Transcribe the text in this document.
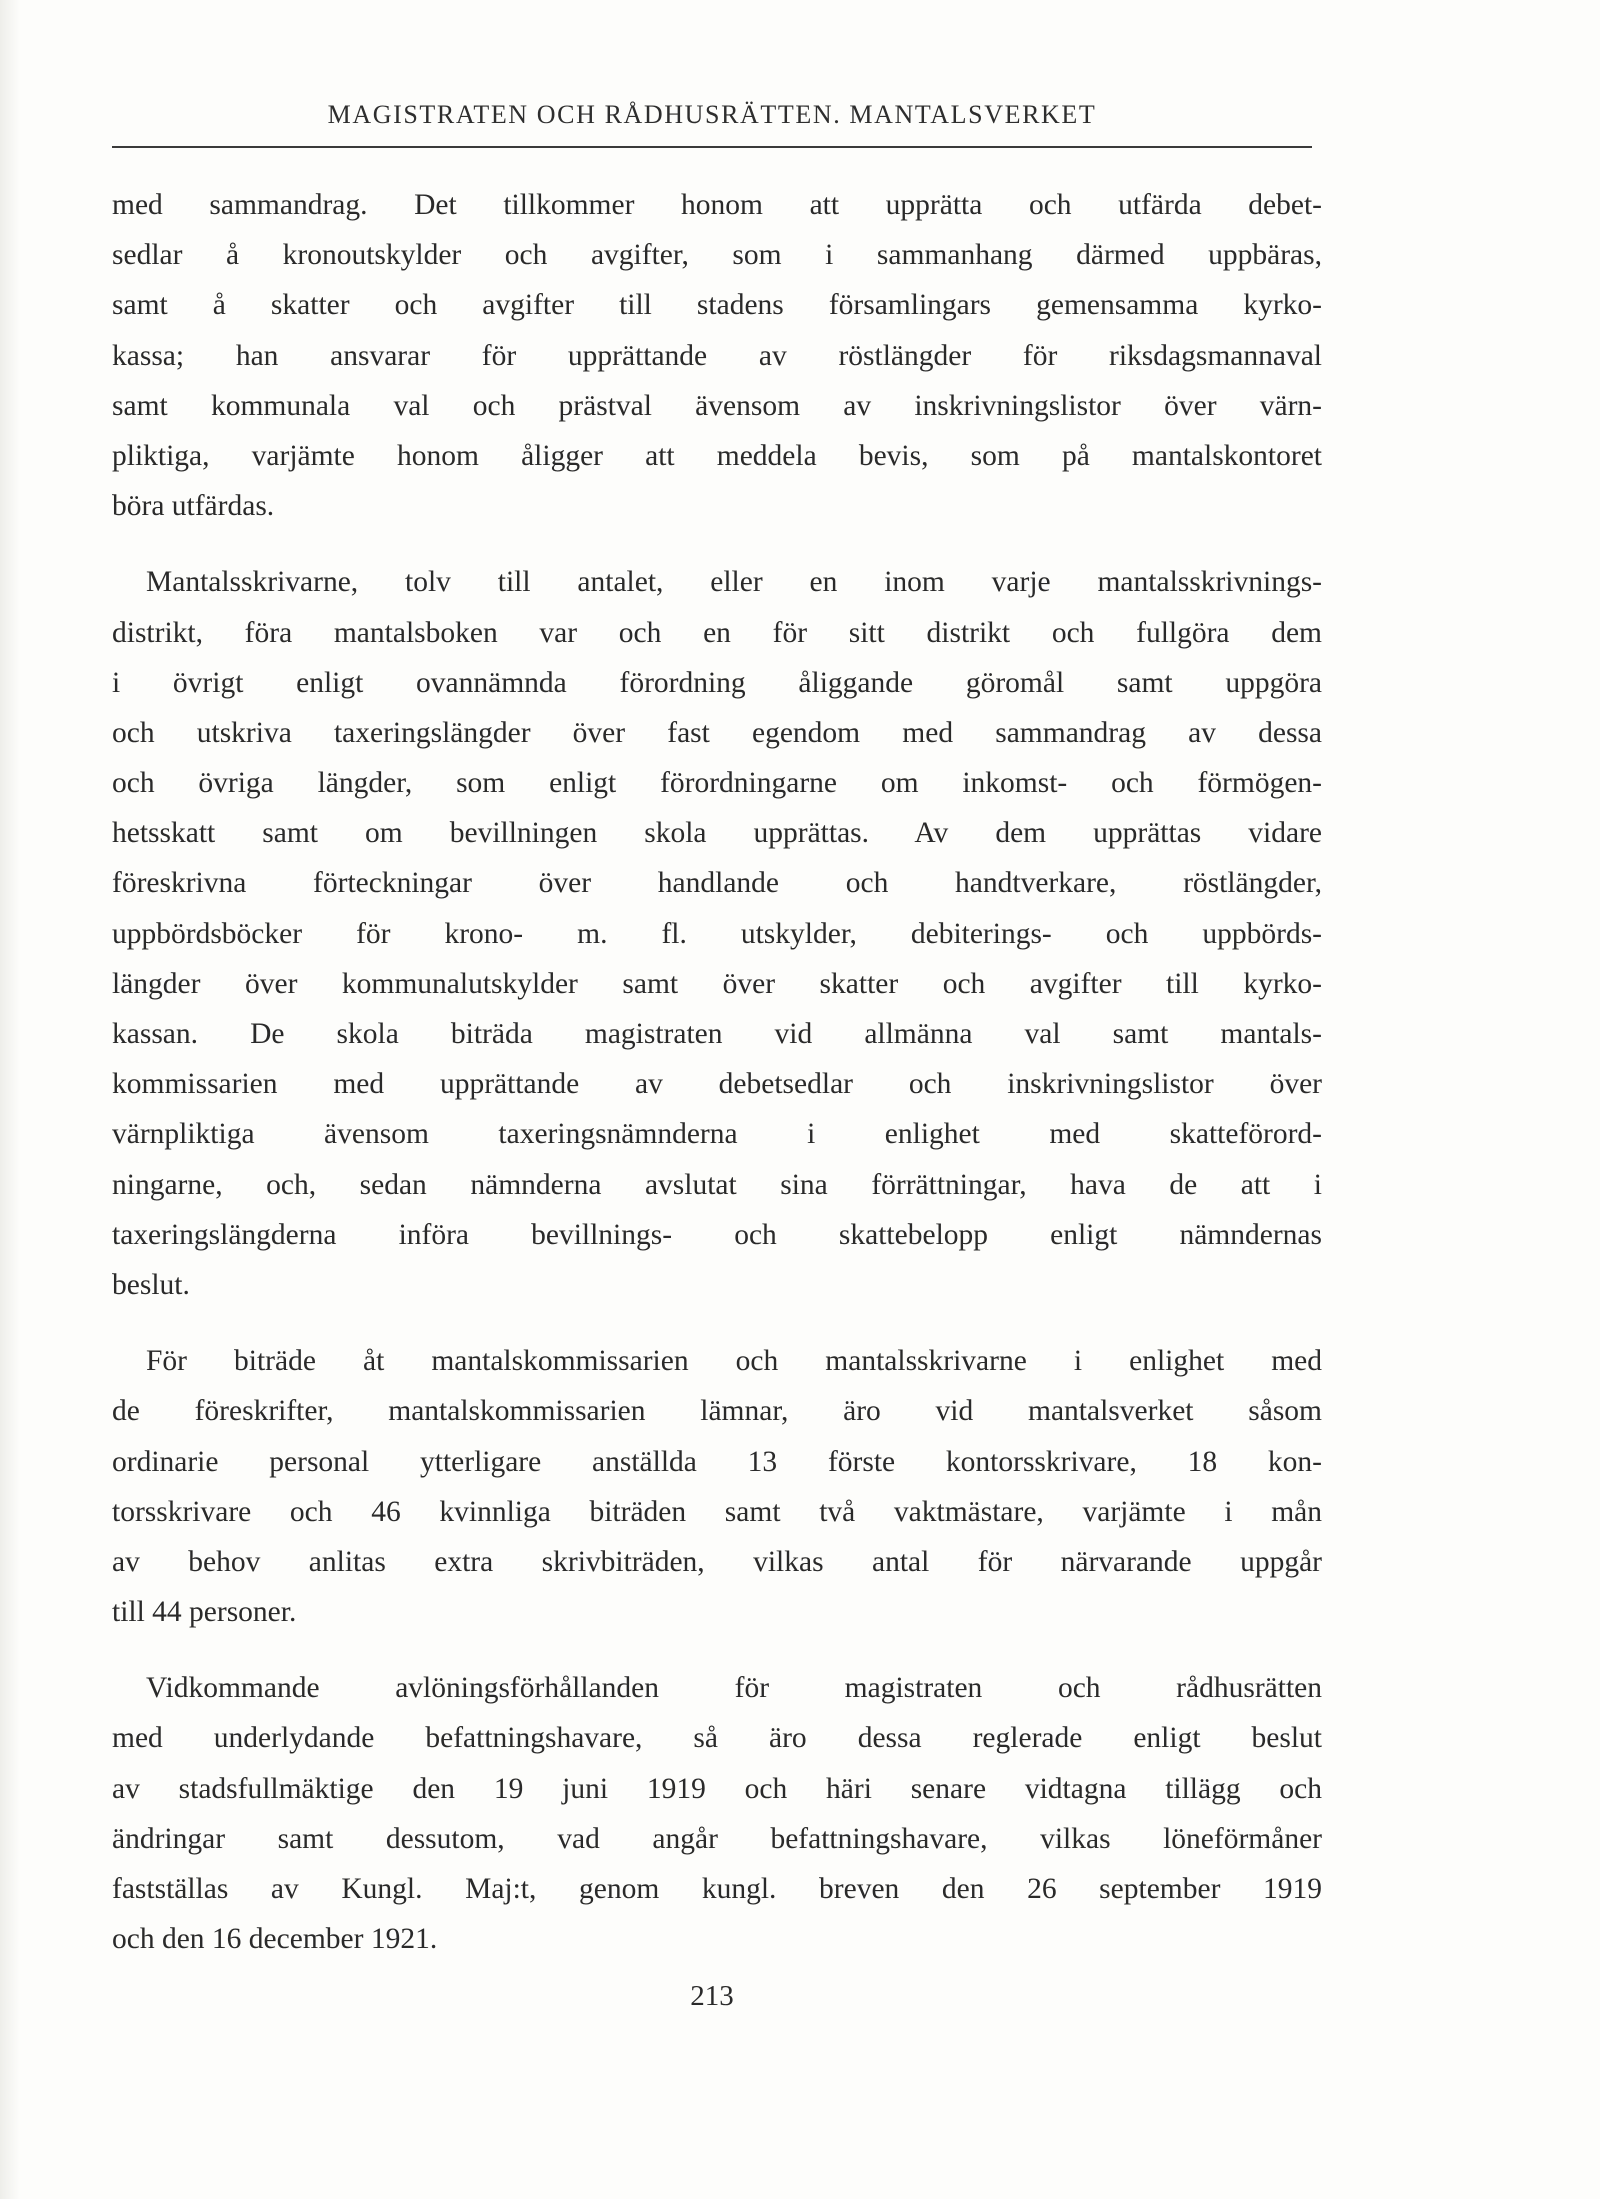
MAGISTRATEN OCH RÅDHUSRÄTTEN. MANTALSVERKET
med sammandrag. Det tillkommer honom att upprätta och utfärda debet-
sedlar å kronoutskylder och avgifter, som i sammanhang därmed uppbäras,
samt å skatter och avgifter till stadens församlingars gemensamma kyrko-
kassa; han ansvarar för upprättande av röstlängder för riksdagsmannaval
samt kommunala val och prästval ävensom av inskrivningslistor över värn-
pliktiga, varjämte honom åligger att meddela bevis, som på mantalskontoret
böra utfärdas.
Mantalsskrivarne, tolv till antalet, eller en inom varje mantalsskrivnings-
distrikt, föra mantalsboken var och en för sitt distrikt och fullgöra dem
i övrigt enligt ovannämnda förordning åliggande göromål samt uppgöra
och utskriva taxeringslängder över fast egendom med sammandrag av dessa
och övriga längder, som enligt förordningarne om inkomst- och förmögen-
hetsskatt samt om bevillningen skola upprättas. Av dem upprättas vidare
föreskrivna förteckningar över handlande och handtverkare, röstlängder,
uppbördsböcker för krono- m. fl. utskylder, debiterings- och uppbörds-
längder över kommunalutskylder samt över skatter och avgifter till kyrko-
kassan. De skola biträda magistraten vid allmänna val samt mantals-
kommissarien med upprättande av debetsedlar och inskrivningslistor över
värnpliktiga ävensom taxeringsnämnderna i enlighet med skatteförord-
ningarne, och, sedan nämnderna avslutat sina förrättningar, hava de att i
taxeringslängderna införa bevillnings- och skattebelopp enligt nämndernas
beslut.
För biträde åt mantalskommissarien och mantalsskrivarne i enlighet med
de föreskrifter, mantalskommissarien lämnar, äro vid mantalsverket såsom
ordinarie personal ytterligare anställda 13 förste kontorsskrivare, 18 kon-
torsskrivare och 46 kvinnliga biträden samt två vaktmästare, varjämte i mån
av behov anlitas extra skrivbiträden, vilkas antal för närvarande uppgår
till 44 personer.
Vidkommande avlöningsförhållanden för magistraten och rådhusrätten
med underlydande befattningshavare, så äro dessa reglerade enligt beslut
av stadsfullmäktige den 19 juni 1919 och häri senare vidtagna tillägg och
ändringar samt dessutom, vad angår befattningshavare, vilkas löneförmåner
fastställas av Kungl. Maj:t, genom kungl. breven den 26 september 1919
och den 16 december 1921.
213
